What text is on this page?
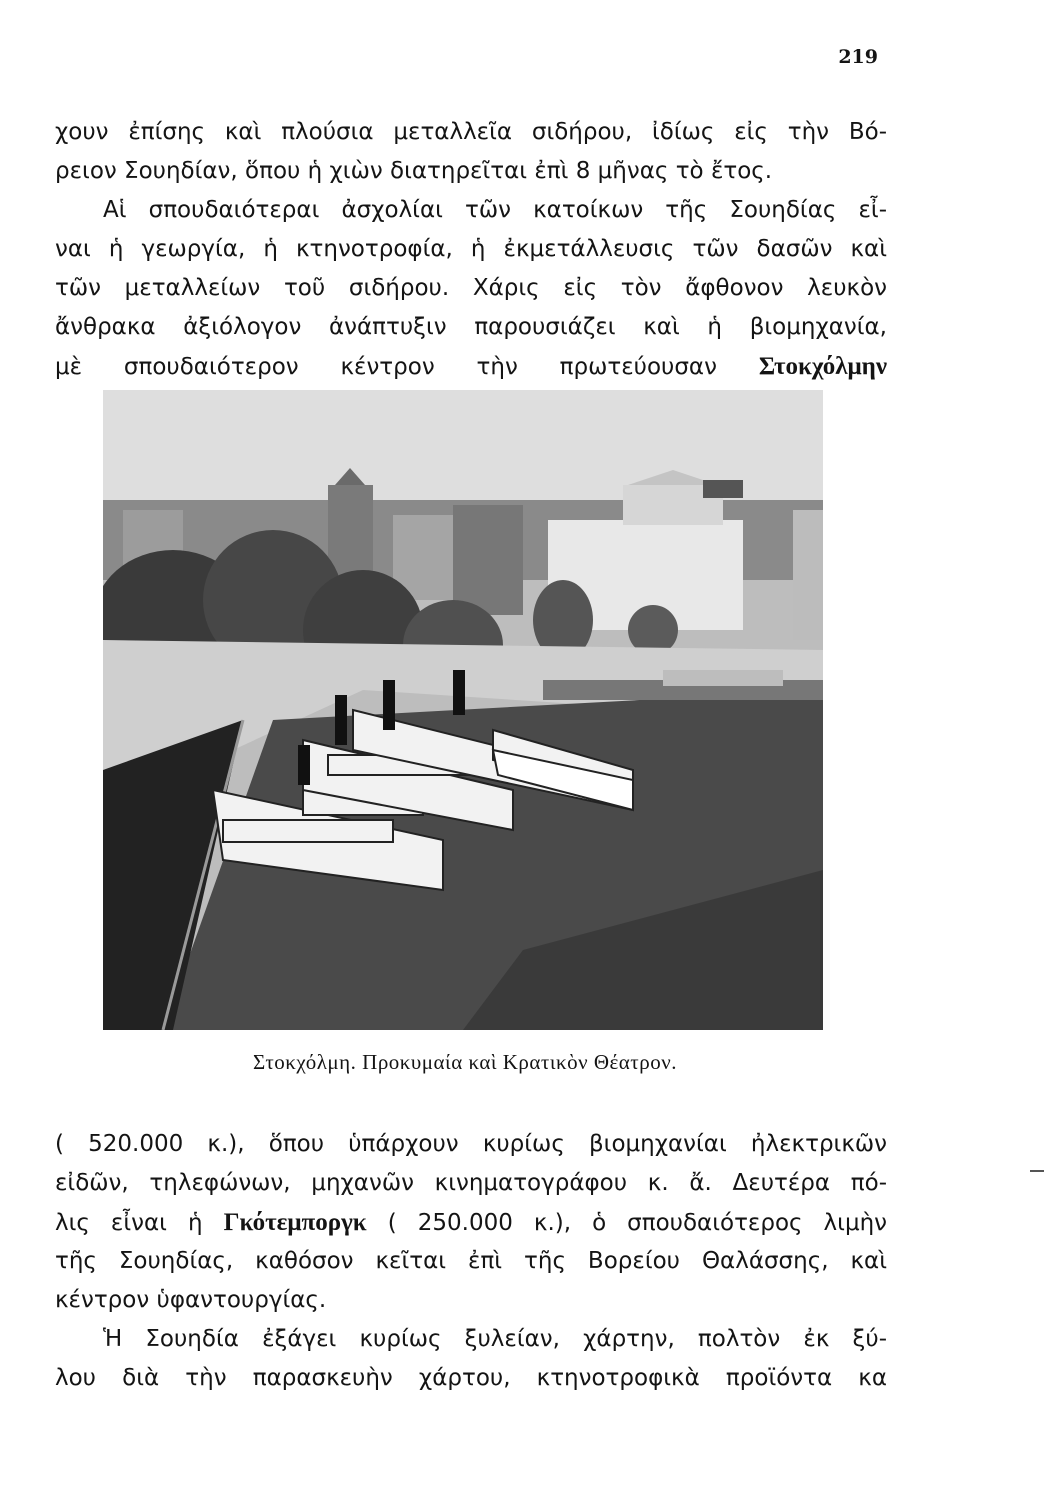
219
χουν ἐπίσης καὶ πλούσια μεταλλεῖα σιδήρου, ἰδίως εἰς τὴν Βό-
ρειον Σουηδίαν, ὅπου ἡ χιὼν διατηρεῖται ἐπὶ 8 μῆνας τὸ ἔτος.
Αἱ σπουδαιότεραι ἀσχολίαι τῶν κατοίκων τῆς Σουηδίας εἶ-
ναι ἡ γεωργία, ἡ κτηνοτροφία, ἡ ἐκμετάλλευσις τῶν δασῶν καὶ
τῶν μεταλλείων τοῦ σιδήρου. Χάρις εἰς τὸν ἄφθονον λευκὸν
ἄνθρακα ἀξιόλογον ἀνάπτυξιν παρουσιάζει καὶ ἡ βιομηχανία,
μὲ σπουδαιότερον κέντρον τὴν πρωτεύουσαν Στοκχόλμην
Στοκχόλμη. Προκυμαία καὶ Κρατικὸν Θέατρον.
( 520.000 κ.), ὅπου ὑπάρχουν κυρίως βιομηχανίαι ἠλεκτρικῶν
εἰδῶν, τηλεφώνων, μηχανῶν κινηματογράφου κ. ἄ. Δευτέρα πό-
λις εἶναι ἡ Γκότεμποργκ ( 250.000 κ.), ὁ σπουδαιότερος λιμὴν
τῆς Σουηδίας, καθόσον κεῖται ἐπὶ τῆς Βορείου Θαλάσσης, καὶ
κέντρον ὑφαντουργίας.
Ἡ Σουηδία ἐξάγει κυρίως ξυλείαν, χάρτην, πολτὸν ἐκ ξύ-
λου διὰ τὴν παρασκευὴν χάρτου, κτηνοτροφικὰ προϊόντα κα
